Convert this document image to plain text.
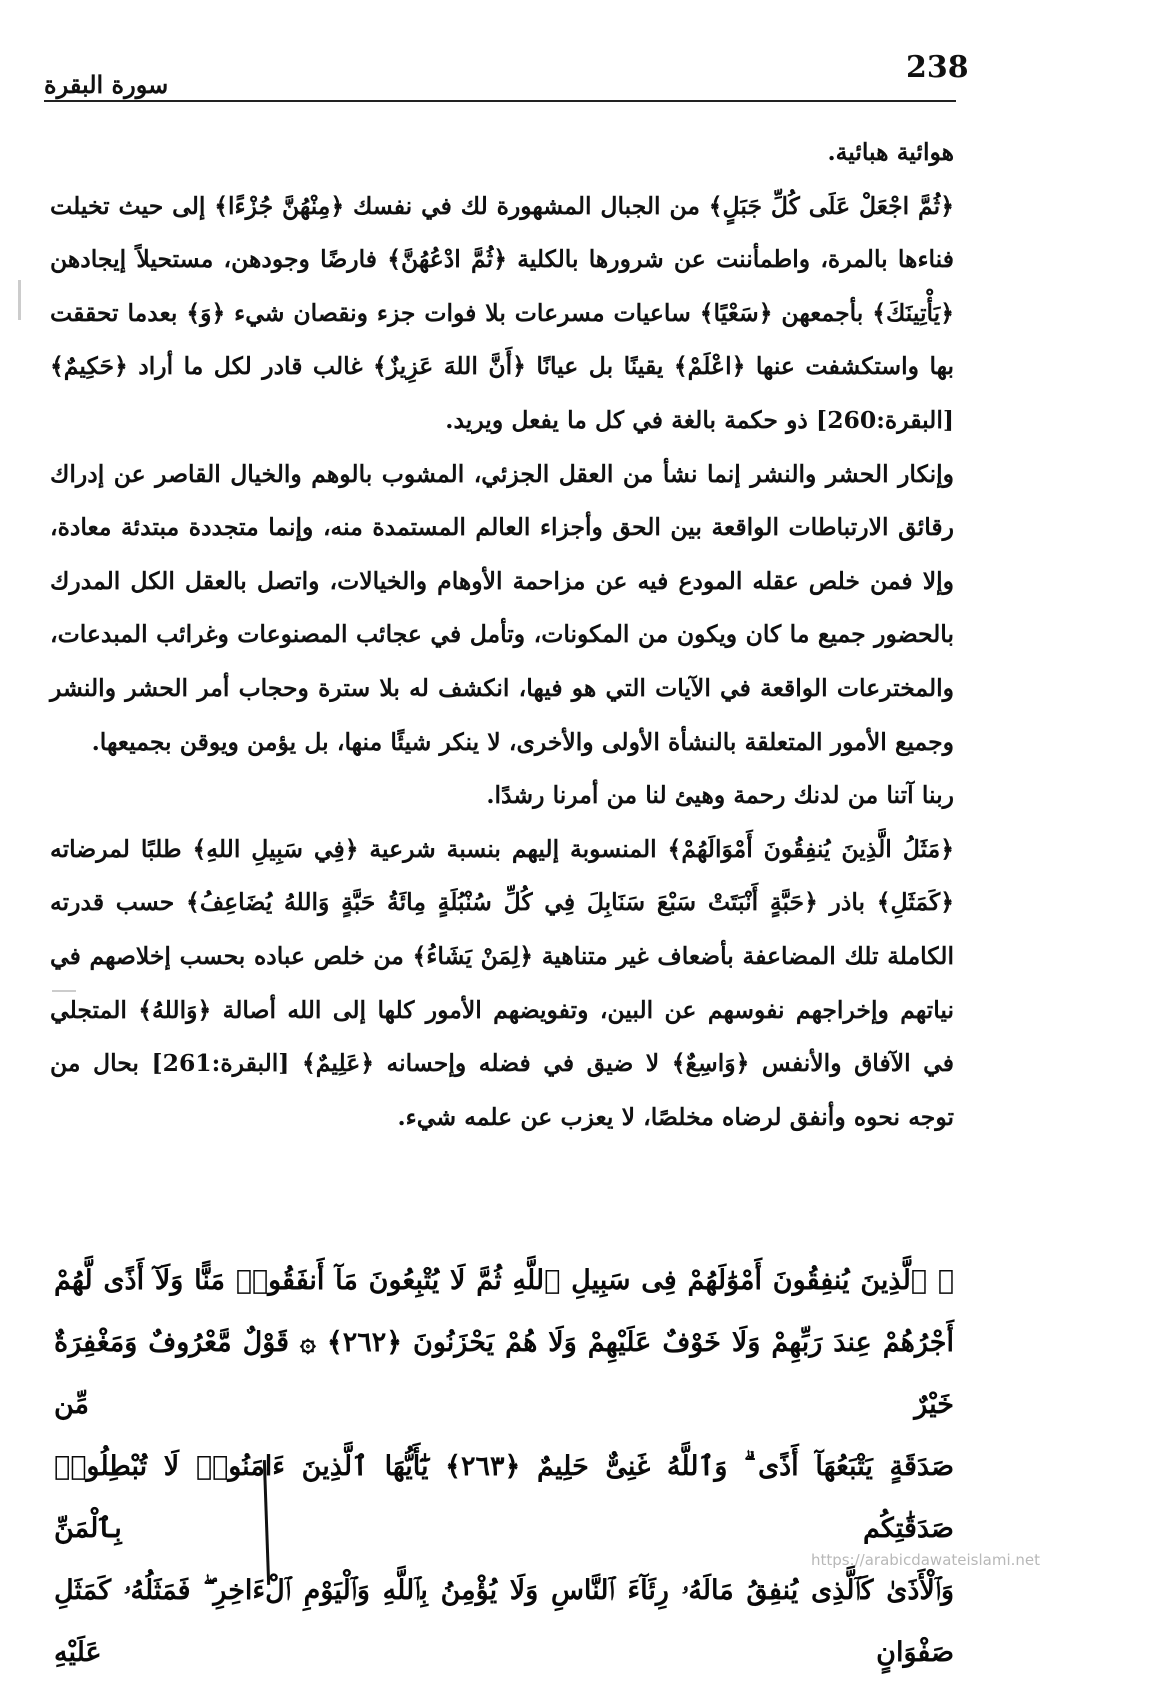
238
سورة البقرة

هوائية هبائية.

﴿ثُمَّ اجْعَلْ عَلَى كُلِّ جَبَلٍ﴾ من الجبال المشهورة لك في نفسك ﴿مِنْهُنَّ جُزْءًا﴾ إلى حيث تخيلت فناءها بالمرة، واطمأننت عن شرورها بالكلية ﴿ثُمَّ ادْعُهُنَّ﴾ فارضًا وجودهن، مستحيلاً إيجادهن ﴿يَأْتِينَكَ﴾ بأجمعهن ﴿سَعْيًا﴾ ساعيات مسرعات بلا فوات جزء ونقصان شيء ﴿وَ﴾ بعدما تحققت بها واستكشفت عنها ﴿اعْلَمْ﴾ يقينًا بل عيانًا ﴿أَنَّ اللهَ عَزِيزٌ﴾ غالب قادر لكل ما أراد ﴿حَكِيمٌ﴾ [البقرة:260] ذو حكمة بالغة في كل ما يفعل ويريد.

وإنكار الحشر والنشر إنما نشأ من العقل الجزئي، المشوب بالوهم والخيال القاصر عن إدراك رقائق الارتباطات الواقعة بين الحق وأجزاء العالم المستمدة منه، وإنما متجددة مبتدئة معادة، وإلا فمن خلص عقله المودع فيه عن مزاحمة الأوهام والخيالات، واتصل بالعقل الكل المدرك بالحضور جميع ما كان ويكون من المكونات، وتأمل في عجائب المصنوعات وغرائب المبدعات، والمخترعات الواقعة في الآيات التي هو فيها، انكشف له بلا سترة وحجاب أمر الحشر والنشر وجميع الأمور المتعلقة بالنشأة الأولى والأخرى، لا ينكر شيئًا منها، بل يؤمن ويوقن بجميعها.

ربنا آتنا من لدنك رحمة وهيئ لنا من أمرنا رشدًا.

﴿مَثَلُ الَّذِينَ يُنفِقُونَ أَمْوَالَهُمْ﴾ المنسوبة إليهم بنسبة شرعية ﴿فِي سَبِيلِ اللهِ﴾ طلبًا لمرضاته ﴿كَمَثَلِ﴾ باذر ﴿حَبَّةٍ أَنْبَتَتْ سَبْعَ سَنَابِلَ فِي كُلِّ سُنْبُلَةٍ مِائَةُ حَبَّةٍ وَاللهُ يُضَاعِفُ﴾ حسب قدرته الكاملة تلك المضاعفة بأضعاف غير متناهية ﴿لِمَنْ يَشَاءُ﴾ من خلص عباده بحسب إخلاصهم في نياتهم وإخراجهم نفوسهم عن البين، وتفويضهم الأمور كلها إلى الله أصالة ﴿وَاللهُ﴾ المتجلي في الآفاق والأنفس ﴿وَاسِعٌ﴾ لا ضيق في فضله وإحسانه ﴿عَلِيمٌ﴾ [البقرة:261] بحال من توجه نحوه وأنفق لرضاه مخلصًا، لا يعزب عن علمه شيء.

۞ ٱلَّذِينَ يُنفِقُونَ أَمْوَٰلَهُمْ فِى سَبِيلِ ٱللَّهِ ثُمَّ لَا يُتْبِعُونَ مَآ أَنفَقُوا۟ مَنًّا وَلَآ أَذًى لَّهُمْ

أَجْرُهُمْ عِندَ رَبِّهِمْ وَلَا خَوْفٌ عَلَيْهِمْ وَلَا هُمْ يَحْزَنُونَ ﴿٢٦٢﴾ ۞ قَوْلٌ مَّعْرُوفٌ وَمَغْفِرَةٌ خَيْرٌ مِّن

صَدَقَةٍ يَتْبَعُهَآ أَذًى ۗ وَٱللَّهُ غَنِىٌّ حَلِيمٌ ﴿٢٦٣﴾ يَٰٓأَيُّهَا ٱلَّذِينَ ءَامَنُوا۟ لَا تُبْطِلُوا۟ صَدَقَٰتِكُم بِٱلْمَنِّ

وَٱلْأَذَىٰ كَٱلَّذِى يُنفِقُ مَالَهُۥ رِئَآءَ ٱلنَّاسِ وَلَا يُؤْمِنُ بِٱللَّهِ وَٱلْيَوْمِ ٱلْءَاخِرِ ۖ فَمَثَلُهُۥ كَمَثَلِ صَفْوَانٍ عَلَيْهِ

https://arabicdawateislami.net
